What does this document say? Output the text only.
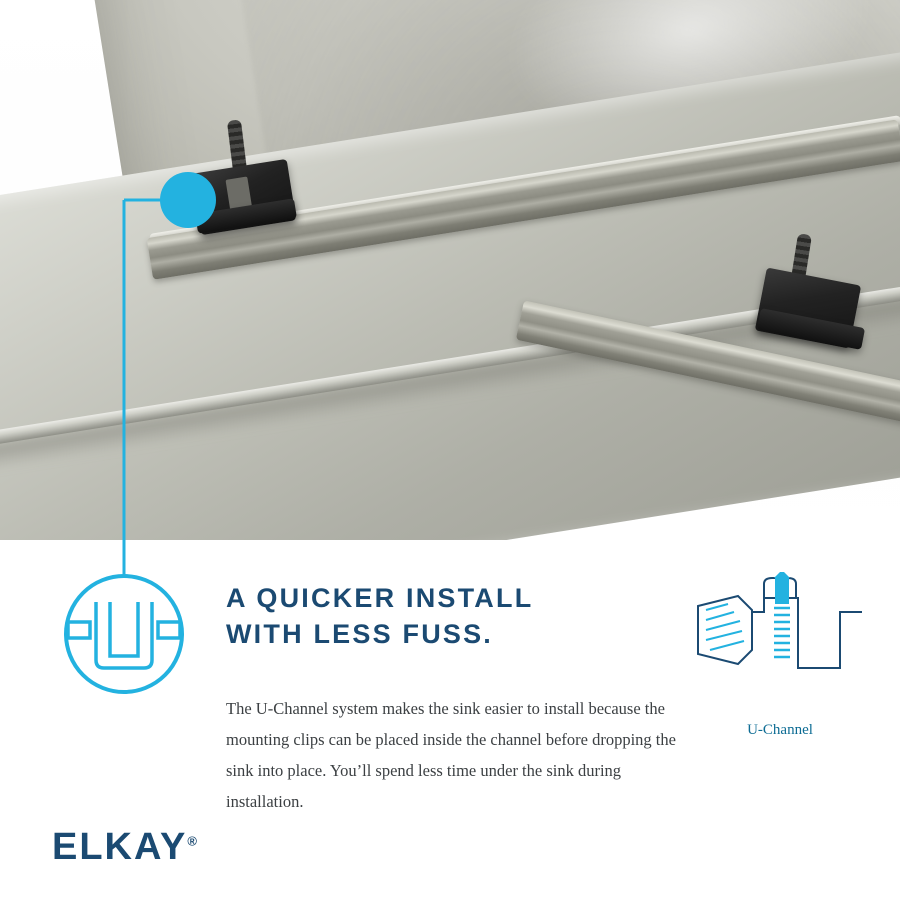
A QUICKER INSTALL
WITH LESS FUSS.

The U-Channel system makes the sink easier to install because the mounting clips can be placed inside the channel before dropping the sink into place. You’ll spend less time under the sink during installation.

U-Channel
ELKAY®
